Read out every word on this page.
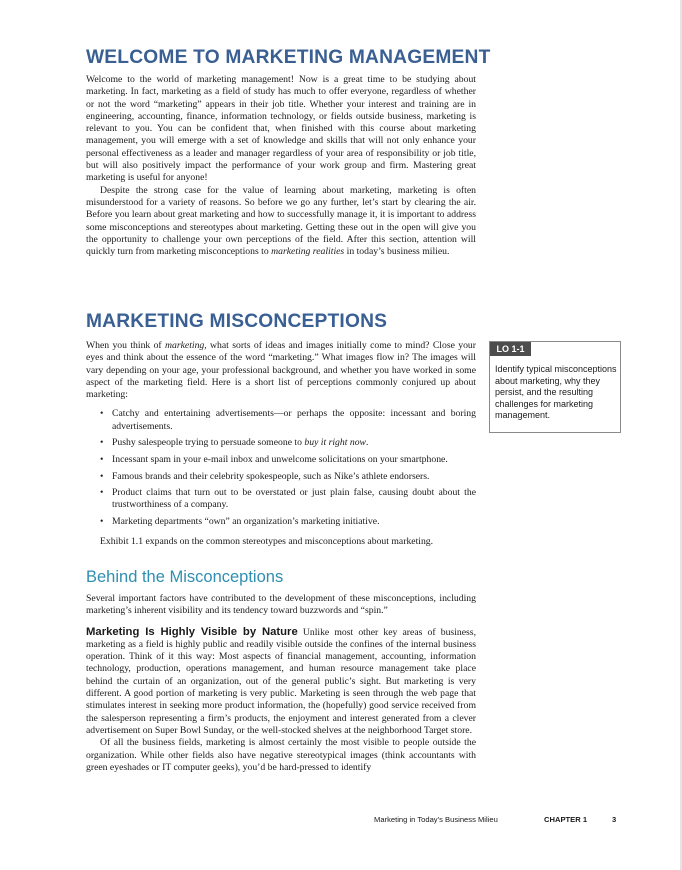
WELCOME TO MARKETING MANAGEMENT

Welcome to the world of marketing management! Now is a great time to be studying about marketing. In fact, marketing as a field of study has much to offer everyone, regardless of whether or not the word “marketing” appears in their job title. Whether your interest and training are in engineering, accounting, finance, information technology, or fields outside business, marketing is relevant to you. You can be confident that, when finished with this course about marketing management, you will emerge with a set of knowledge and skills that will not only enhance your personal effectiveness as a leader and manager regardless of your area of responsibility or job title, but will also positively impact the performance of your work group and firm. Mastering great marketing is useful for anyone!

Despite the strong case for the value of learning about marketing, marketing is often misunderstood for a variety of reasons. So before we go any further, let’s start by clearing the air. Before you learn about great marketing and how to successfully manage it, it is important to address some misconceptions and stereotypes about marketing. Getting these out in the open will give you the opportunity to challenge your own perceptions of the field. After this section, attention will quickly turn from marketing misconceptions to marketing realities in today’s business milieu.

MARKETING MISCONCEPTIONS

When you think of marketing, what sorts of ideas and images initially come to mind? Close your eyes and think about the essence of the word “marketing.” What images flow in? The images will vary depending on your age, your professional background, and whether you have worked in some aspect of the marketing field. Here is a short list of perceptions commonly conjured up about marketing:

• Catchy and entertaining advertisements—or perhaps the opposite: incessant and boring advertisements.
• Pushy salespeople trying to persuade someone to buy it right now.
• Incessant spam in your e-mail inbox and unwelcome solicitations on your smartphone.
• Famous brands and their celebrity spokespeople, such as Nike’s athlete endorsers.
• Product claims that turn out to be overstated or just plain false, causing doubt about the trustworthiness of a company.
• Marketing departments “own” an organization’s marketing initiative.

Exhibit 1.1 expands on the common stereotypes and misconceptions about marketing.

LO 1-1
Identify typical misconceptions about marketing, why they persist, and the resulting challenges for marketing management.
Behind the Misconceptions

Several important factors have contributed to the development of these misconceptions, including marketing’s inherent visibility and its tendency toward buzzwords and “spin.”

Marketing Is Highly Visible by Nature Unlike most other key areas of business, marketing as a field is highly public and readily visible outside the confines of the internal business operation. Think of it this way: Most aspects of financial management, accounting, information technology, production, operations management, and human resource management take place behind the curtain of an organization, out of the general public’s sight. But marketing is very different. A good portion of marketing is very public. Marketing is seen through the web page that stimulates interest in seeking more product information, the (hopefully) good service received from the salesperson representing a firm’s products, the enjoyment and interest generated from a clever advertisement on Super Bowl Sunday, or the well-stocked shelves at the neighborhood Target store.

Of all the business fields, marketing is almost certainly the most visible to people outside the organization. While other fields also have negative stereotypical images (think accountants with green eyeshades or IT computer geeks), you’d be hard-pressed to identify

Marketing in Today’s Business Milieu	CHAPTER 1	3
